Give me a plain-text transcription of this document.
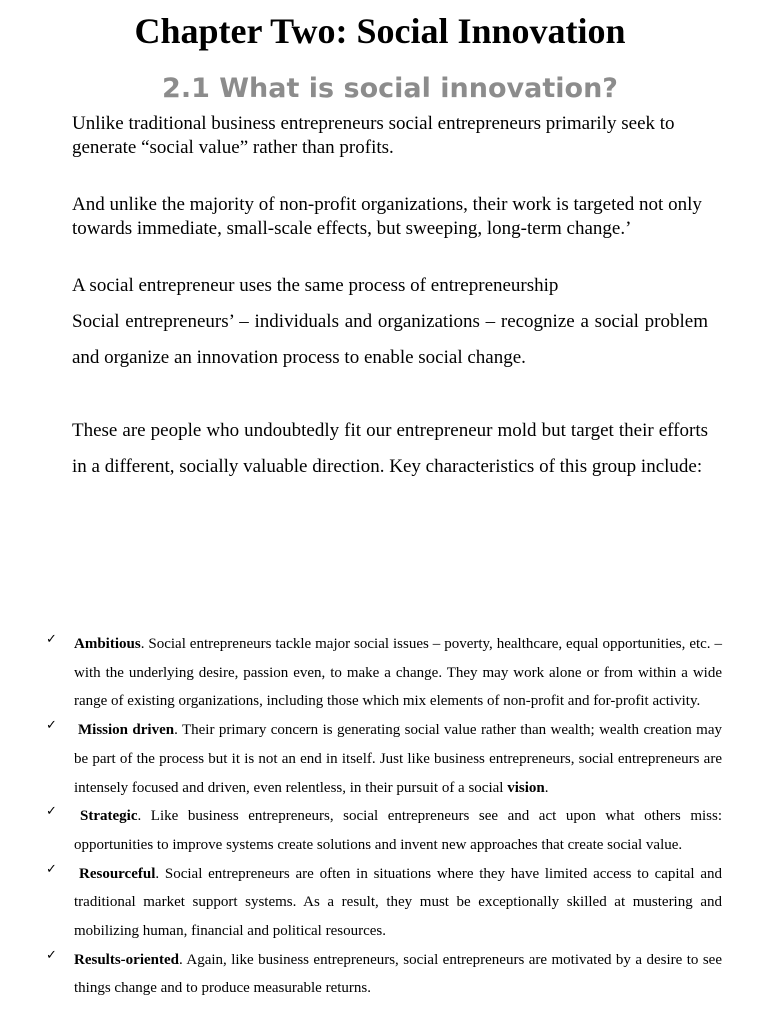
Chapter Two: Social Innovation
2.1 What is social innovation?

Unlike traditional business entrepreneurs social entrepreneurs primarily seek to generate “social value” rather than profits.

And unlike the majority of non-profit organizations, their work is targeted not only towards immediate, small-scale effects, but sweeping, long-term change.’

A social entrepreneur uses the same process of entrepreneurship

Social entrepreneurs’ – individuals and organizations – recognize a social problem and organize an innovation process to enable social change.

These are people who undoubtedly fit our entrepreneur mold but target their efforts in a different, socially valuable direction. Key characteristics of this group include:

✓ Ambitious. Social entrepreneurs tackle major social issues – poverty, healthcare, equal opportunities, etc. – with the underlying desire, passion even, to make a change. They may work alone or from within a wide range of existing organizations, including those which mix elements of non-profit and for-profit activity.
✓ Mission driven. Their primary concern is generating social value rather than wealth; wealth creation may be part of the process but it is not an end in itself. Just like business entrepreneurs, social entrepreneurs are intensely focused and driven, even relentless, in their pursuit of a social vision.
✓	Strategic. Like business entrepreneurs, social entrepreneurs see and act upon what others miss: opportunities to improve systems create solutions and invent new approaches that create social value.
✓	Resourceful. Social entrepreneurs are often in situations where they have limited access to capital and traditional market support systems. As a result, they must be exceptionally skilled at mustering and mobilizing human, financial and political resources.
✓ Results-oriented. Again, like business entrepreneurs, social entrepreneurs are motivated by a desire to see things change and to produce measurable returns.
